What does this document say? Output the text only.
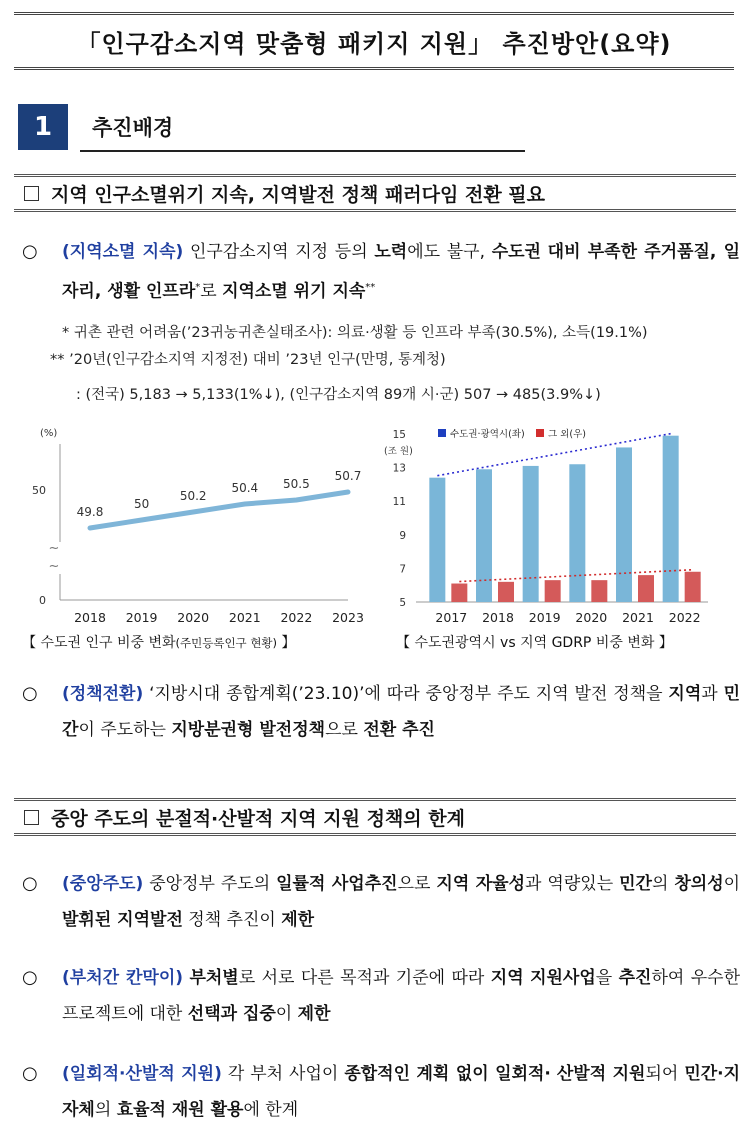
「인구감소지역 맞춤형 패키지 지원」 추진방안(요약)
1	추진배경
지역 인구소멸위기 지속, 지역발전 정책 패러다임 전환 필요
○	(지역소멸 지속) 인구감소지역 지정 등의 노력에도 불구, 수도권 대비 부족한 주거품질, 일자리, 생활 인프라*로 지역소멸 위기 지속**
* 귀촌 관련 어려움(’23귀농귀촌실태조사): 의료·생활 등 인프라 부족(30.5%), 소득(19.1%)
** ’20년(인구감소지역 지정전) 대비 ’23년 인구(만명, 통계청)
: (전국) 5,183 → 5,133(1%↓), (인구감소지역 89개 시·군) 507 → 485(3.9%↓)
(%)
~
~
50
0
49.8
2018
50
2019
50.2
2020
50.4
2021
50.5
2022
50.7
2023
【 수도권 인구 비중 변화(주민등록인구 현황) 】
5
7
9
11
13
15
(조 원)
수도권·광역시(좌) 그 외(우)
2017 2018 2019 2020 2021 2022
【 수도권광역시 vs 지역 GDRP 비중 변화 】
○	(정책전환) ‘지방시대 종합계획(’23.10)’에 따라 중앙정부 주도 지역 발전 정책을 지역과 민간이 주도하는 지방분권형 발전정책으로 전환 추진
중앙 주도의 분절적·산발적 지역 지원 정책의 한계
○	(중앙주도) 중앙정부 주도의 일률적 사업추진으로 지역 자율성과 역량있는 민간의 창의성이 발휘된 지역발전 정책 추진이 제한
○	(부처간 칸막이) 부처별로 서로 다른 목적과 기준에 따라 지역 지원사업을 추진하여 우수한 프로젝트에 대한 선택과 집중이 제한
○	(일회적·산발적 지원) 각 부처 사업이 종합적인 계획 없이 일회적· 산발적 지원되어 민간·지자체의 효율적 재원 활용에 한계
